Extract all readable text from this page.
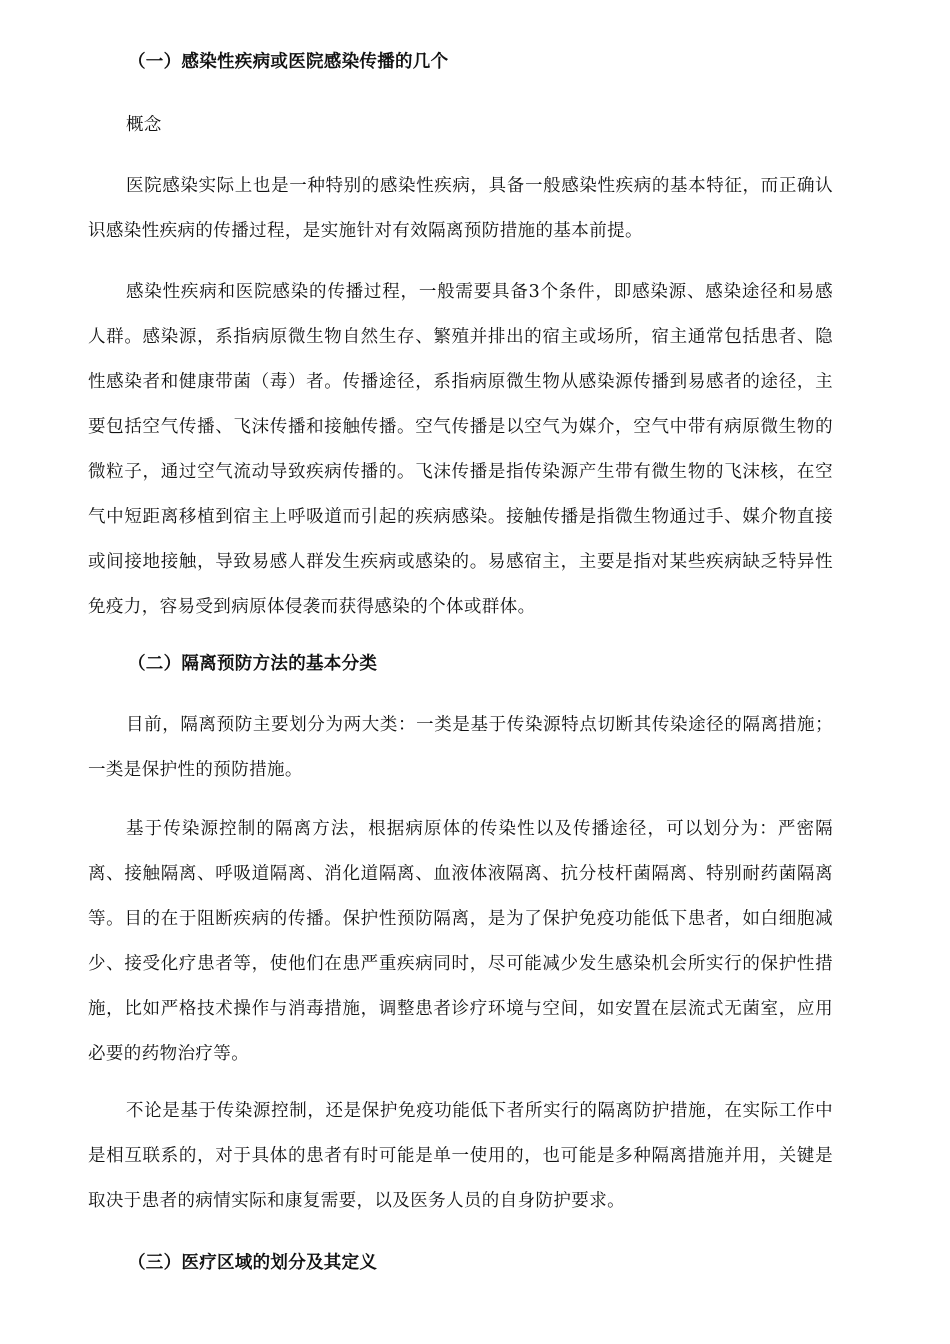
（一）感染性疾病或医院感染传播的几个

概念

医院感染实际上也是一种特别的感染性疾病，具备一般感染性疾病的基本特征，而正确认识感染性疾病的传播过程，是实施针对有效隔离预防措施的基本前提。

感染性疾病和医院感染的传播过程，一般需要具备3个条件，即感染源、感染途径和易感人群。感染源，系指病原微生物自然生存、繁殖并排出的宿主或场所，宿主通常包括患者、隐性感染者和健康带菌（毒）者。传播途径，系指病原微生物从感染源传播到易感者的途径，主要包括空气传播、飞沫传播和接触传播。空气传播是以空气为媒介，空气中带有病原微生物的微粒子，通过空气流动导致疾病传播的。飞沫传播是指传染源产生带有微生物的飞沫核，在空气中短距离移植到宿主上呼吸道而引起的疾病感染。接触传播是指微生物通过手、媒介物直接或间接地接触，导致易感人群发生疾病或感染的。易感宿主，主要是指对某些疾病缺乏特异性免疫力，容易受到病原体侵袭而获得感染的个体或群体。

（二）隔离预防方法的基本分类

目前，隔离预防主要划分为两大类：一类是基于传染源特点切断其传染途径的隔离措施；一类是保护性的预防措施。

基于传染源控制的隔离方法，根据病原体的传染性以及传播途径，可以划分为：严密隔离、接触隔离、呼吸道隔离、消化道隔离、血液体液隔离、抗分枝杆菌隔离、特别耐药菌隔离等。目的在于阻断疾病的传播。保护性预防隔离，是为了保护免疫功能低下患者，如白细胞减少、接受化疗患者等，使他们在患严重疾病同时，尽可能减少发生感染机会所实行的保护性措施，比如严格技术操作与消毒措施，调整患者诊疗环境与空间，如安置在层流式无菌室，应用必要的药物治疗等。

不论是基于传染源控制，还是保护免疫功能低下者所实行的隔离防护措施，在实际工作中是相互联系的，对于具体的患者有时可能是单一使用的，也可能是多种隔离措施并用，关键是取决于患者的病情实际和康复需要，以及医务人员的自身防护要求。

（三）医疗区域的划分及其定义
